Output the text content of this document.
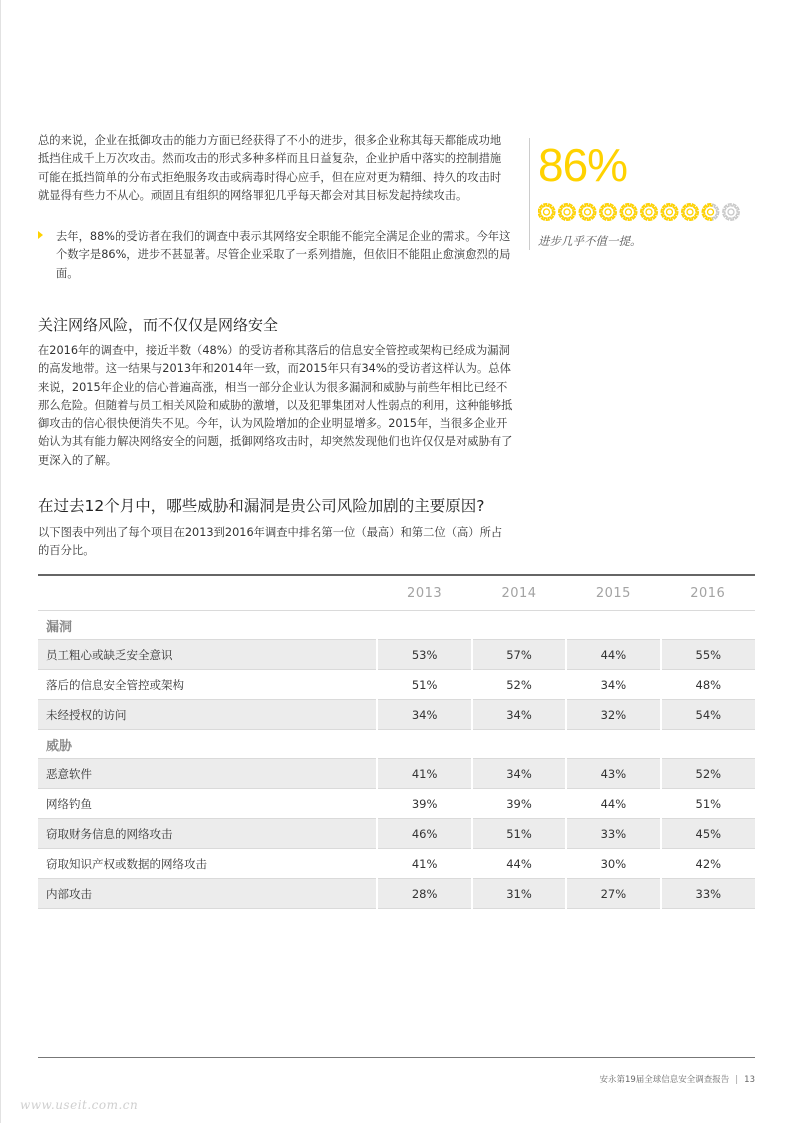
总的来说，企业在抵御攻击的能力方面已经获得了不小的进步，很多企业称其每天都能成功地抵挡住成千上万次攻击。然而攻击的形式多种多样而且日益复杂，企业护盾中落实的控制措施可能在抵挡简单的分布式拒绝服务攻击或病毒时得心应手，但在应对更为精细、持久的攻击时就显得有些力不从心。顽固且有组织的网络罪犯几乎每天都会对其目标发起持续攻击。

去年，88%的受访者在我们的调查中表示其网络安全职能不能完全满足企业的需求。今年这个数字是86%，进步不甚显著。尽管企业采取了一系列措施，但依旧不能阻止愈演愈烈的局面。

86%
进步几乎不值一提。
关注网络风险，而不仅仅是网络安全

在2016年的调查中，接近半数（48%）的受访者称其落后的信息安全管控或架构已经成为漏洞的高发地带。这一结果与2013年和2014年一致，而2015年只有34%的受访者这样认为。总体来说，2015年企业的信心普遍高涨，相当一部分企业认为很多漏洞和威胁与前些年相比已经不那么危险。但随着与员工相关风险和威胁的激增，以及犯罪集团对人性弱点的利用，这种能够抵御攻击的信心很快便消失不见。今年，认为风险增加的企业明显增多。2015年，当很多企业开始认为其有能力解决网络安全的问题，抵御网络攻击时，却突然发现他们也许仅仅是对威胁有了更深入的了解。

在过去12个月中，哪些威胁和漏洞是贵公司风险加剧的主要原因?

以下图表中列出了每个项目在2013到2016年调查中排名第一位（最高）和第二位（高）所占的百分比。

	2013	2014	2015	2016
漏洞				
员工粗心或缺乏安全意识	53%	57%	44%	55%
落后的信息安全管控或架构	51%	52%	34%	48%
未经授权的访问	34%	34%	32%	54%
威胁				
恶意软件	41%	34%	43%	52%
网络钓鱼	39%	39%	44%	51%
窃取财务信息的网络攻击	46%	51%	33%	45%
窃取知识产权或数据的网络攻击	41%	44%	30%	42%
内部攻击	28%	31%	27%	33%
安永第19届全球信息安全调查报告 | 13
www.useit.com.cn
